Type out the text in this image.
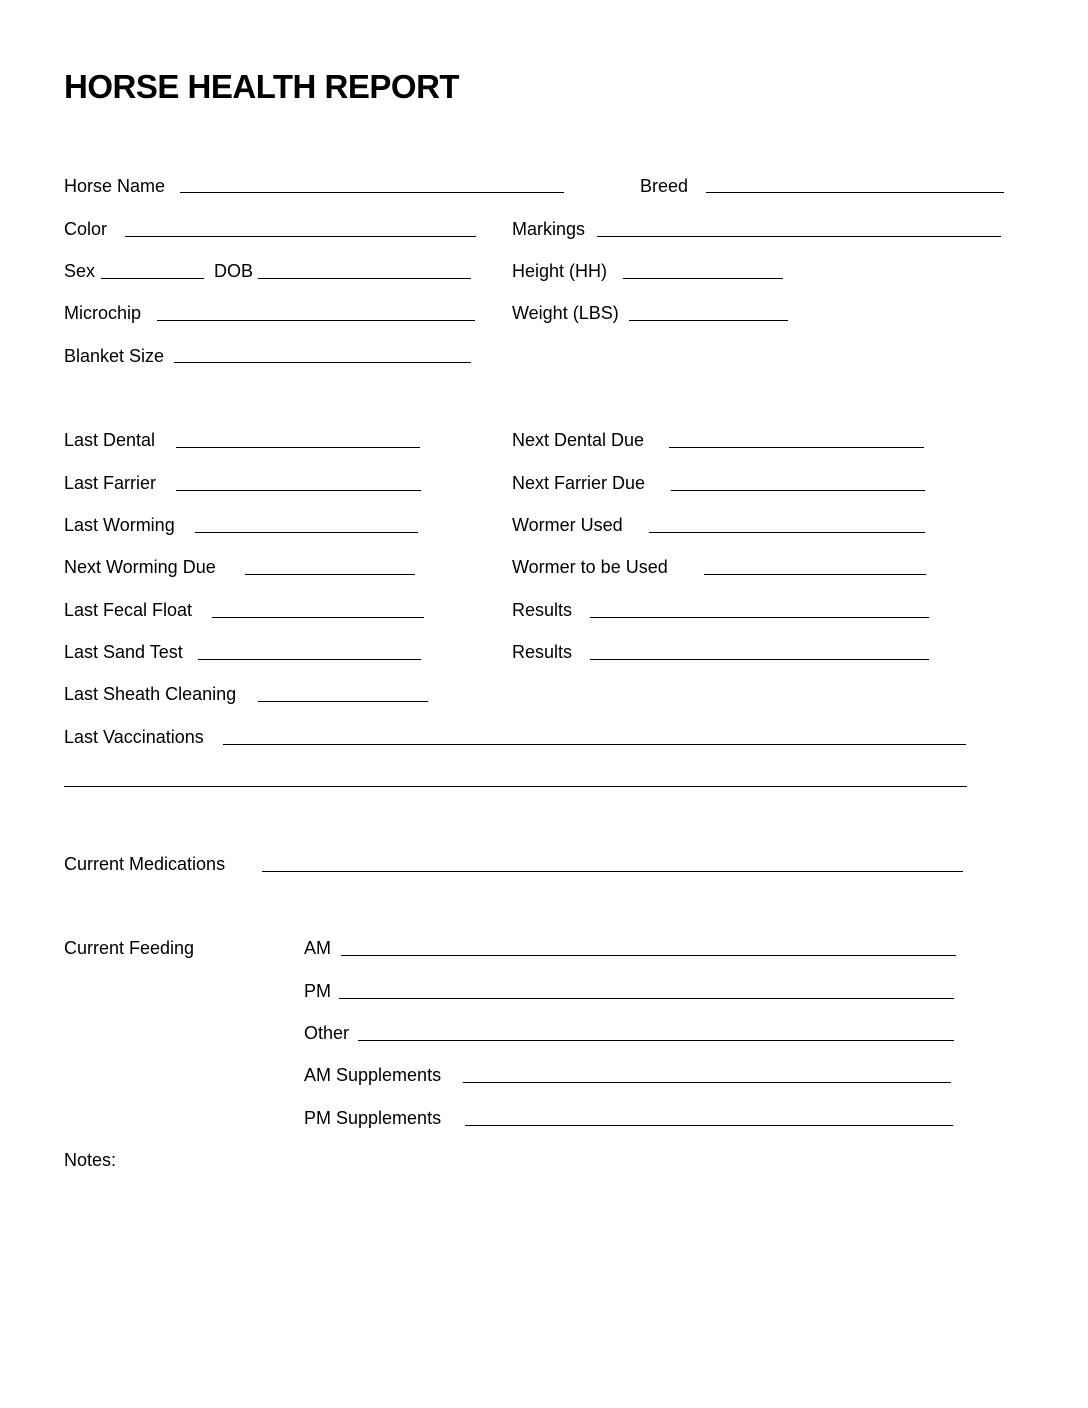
HORSE HEALTH REPORT
Horse Name	Breed
Color	Markings
Sex	DOB	Height (HH)
Microchip	Weight (LBS)
Blanket Size
Last Dental	Next Dental Due
Last Farrier	Next Farrier Due
Last Worming	Wormer Used
Next Worming Due	Wormer to be Used
Last Fecal Float	Results
Last Sand Test	Results
Last Sheath Cleaning
Last Vaccinations
Current Medications
Current Feeding	AM
PM
Other
AM Supplements
PM Supplements
Notes:
